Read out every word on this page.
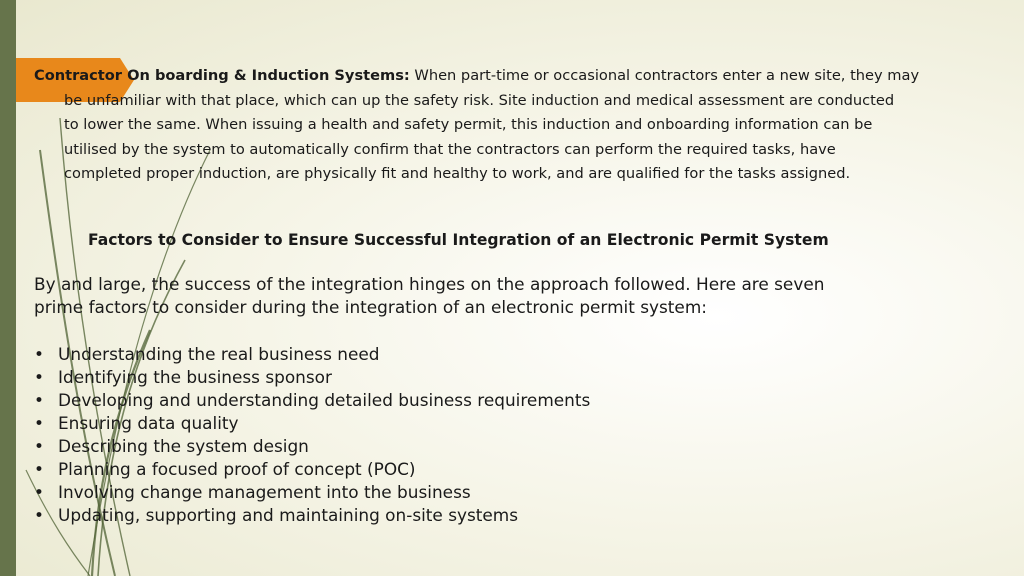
Contractor On boarding & Induction Systems: When part-time or occasional contractors enter a new site, they may
be unfamiliar with that place, which can up the safety risk. Site induction and medical assessment are conducted
to lower the same. When issuing a health and safety permit, this induction and onboarding information can be
utilised by the system to automatically confirm that the contractors can perform the required tasks, have
completed proper induction, are physically fit and healthy to work, and are qualified for the tasks assigned.
Factors to Consider to Ensure Successful Integration of an Electronic Permit System
By and large, the success of the integration hinges on the approach followed. Here are seven
prime factors to consider during the integration of an electronic permit system:
• Understanding the real business need
• Identifying the business sponsor
• Developing and understanding detailed business requirements
• Ensuring data quality
• Describing the system design
• Planning a focused proof of concept (POC)
• Involving change management into the business
• Updating, supporting and maintaining on-site systems
